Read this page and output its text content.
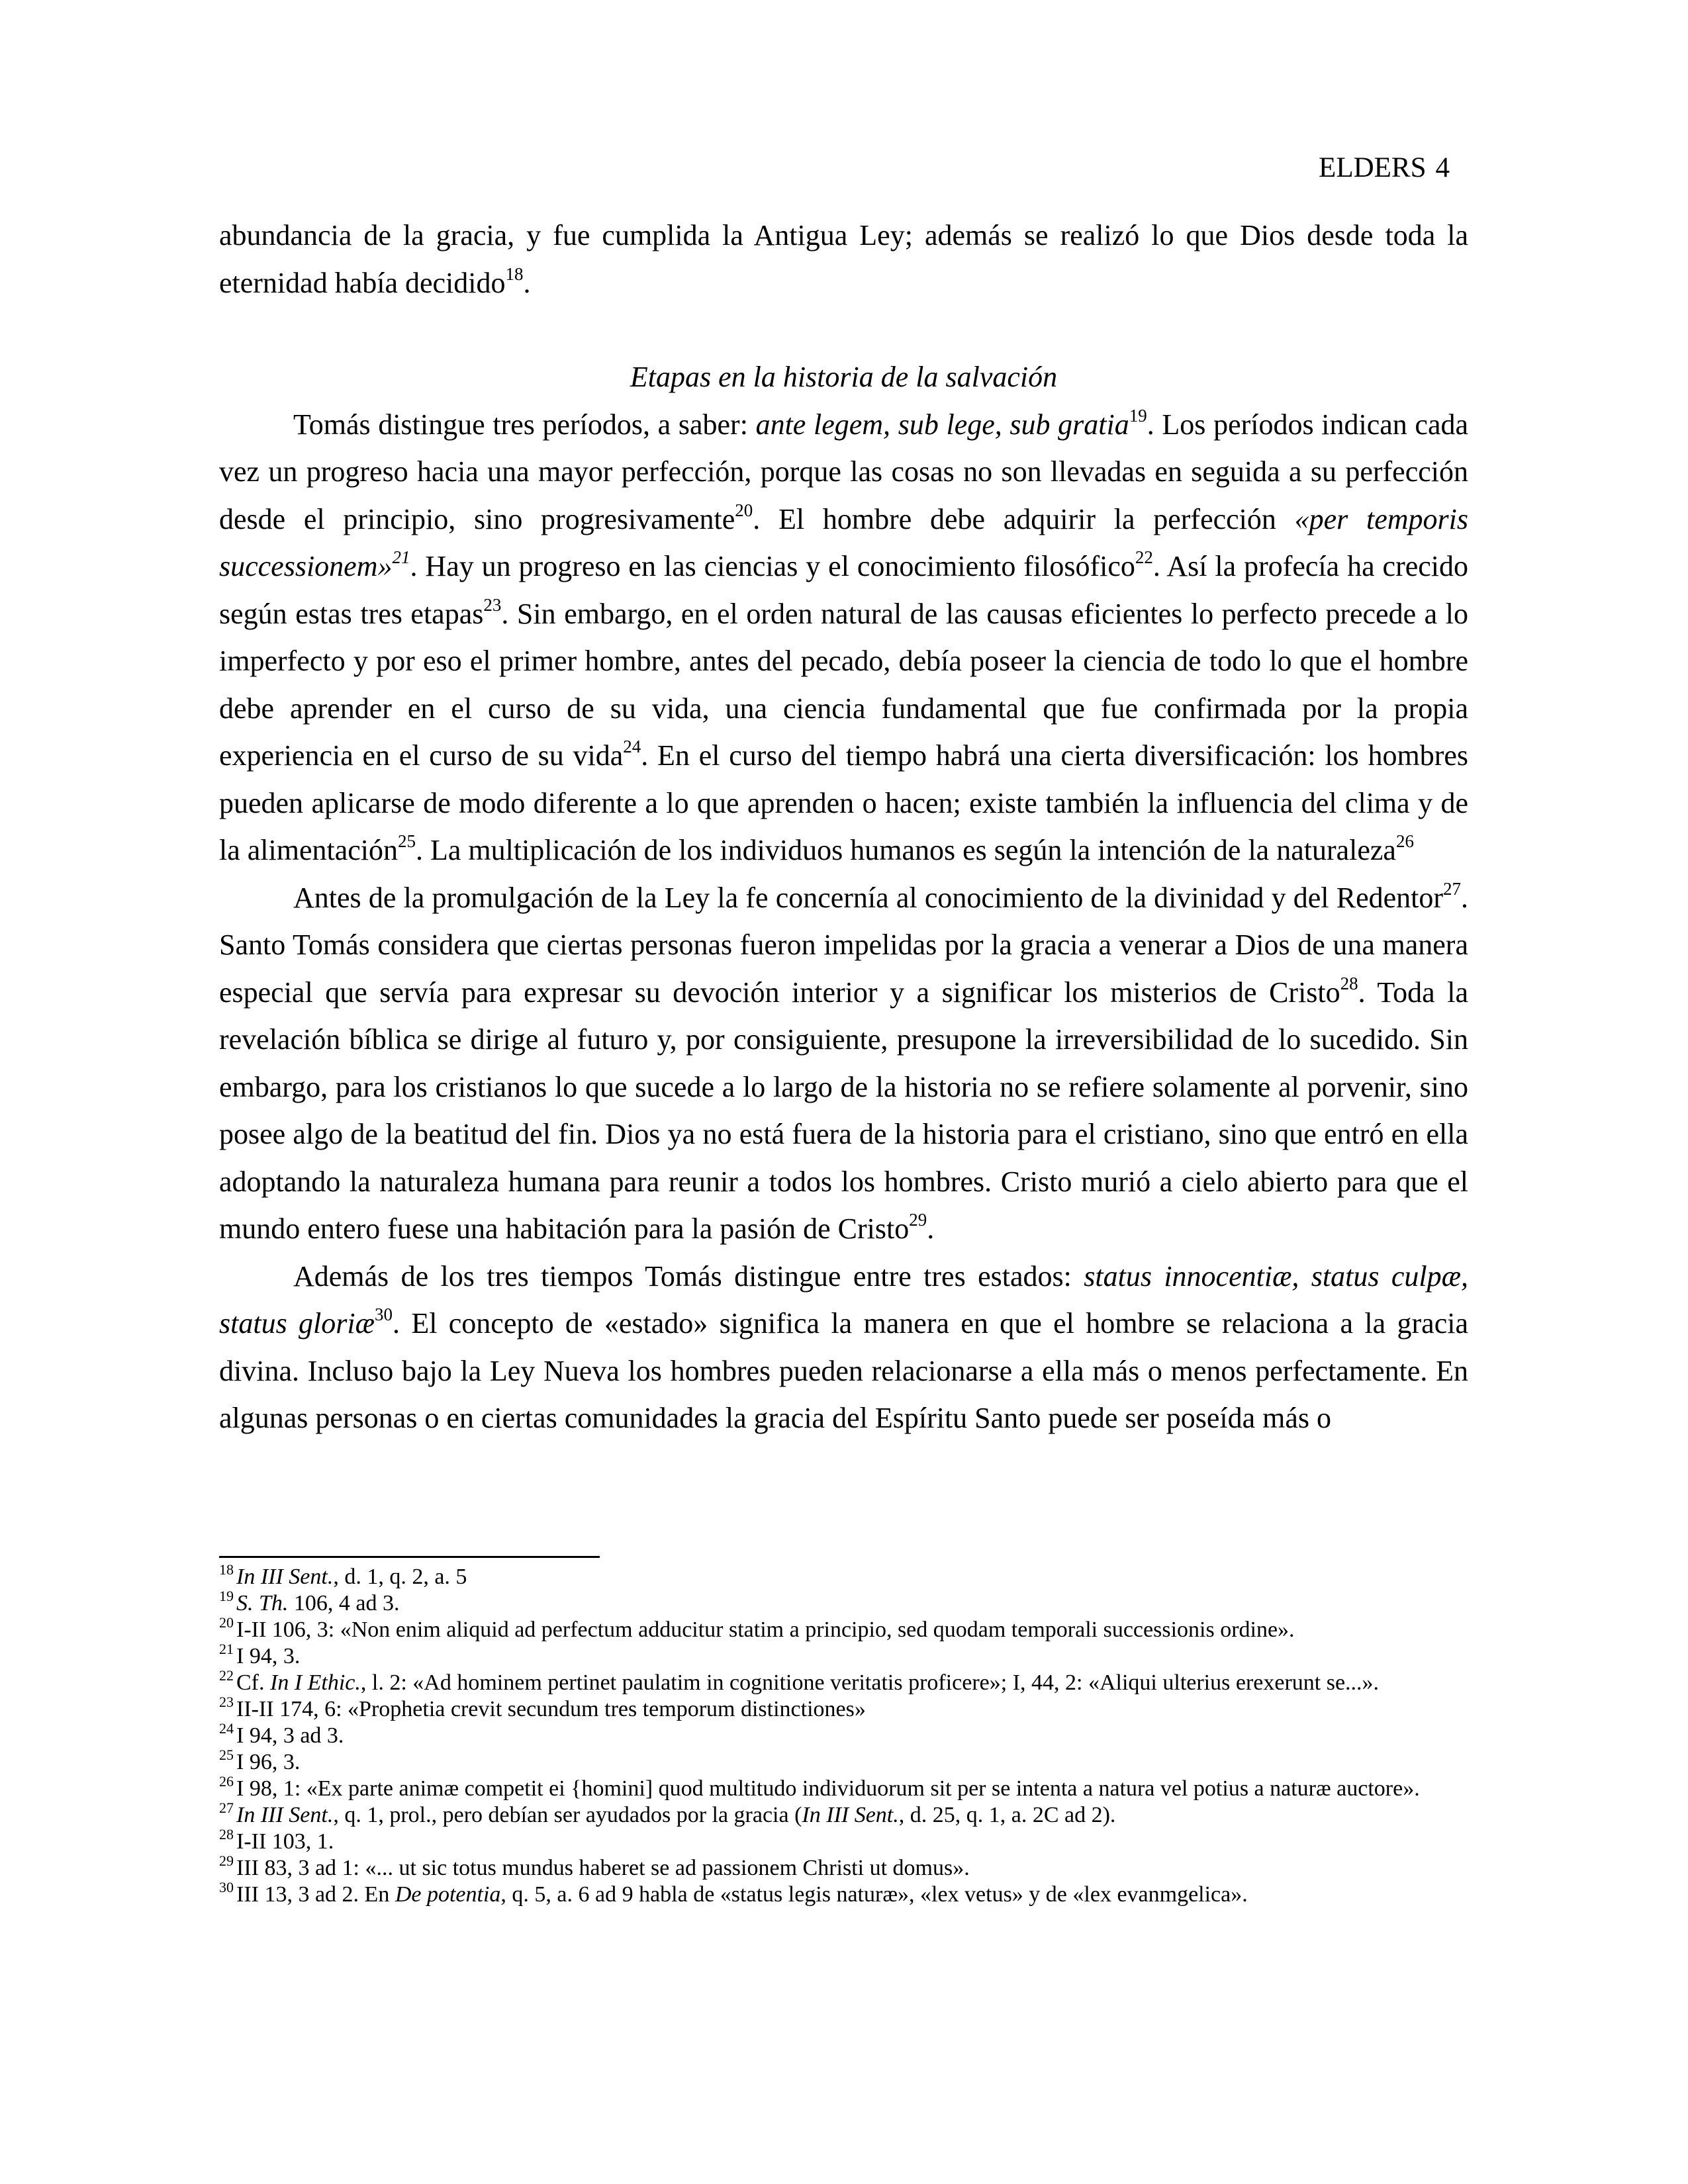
ELDERS 4

abundancia de la gracia, y fue cumplida la Antigua Ley; además se realizó lo que Dios desde toda la eternidad había decidido$^{18}$.

Etapas en la historia de la salvación

Tomás distingue tres períodos, a saber: ante legem, sub lege, sub gratia$^{19}$. Los períodos indican cada vez un progreso hacia una mayor perfección, porque las cosas no son llevadas en seguida a su perfección desde el principio, sino progresivamente$^{20}$. El hombre debe adquirir la perfección «per temporis successionem»$^{21}$. Hay un progreso en las ciencias y el conocimiento filosófico$^{22}$. Así la profecía ha crecido según estas tres etapas$^{23}$. Sin embargo, en el orden natural de las causas eficientes lo perfecto precede a lo imperfecto y por eso el primer hombre, antes del pecado, debía poseer la ciencia de todo lo que el hombre debe aprender en el curso de su vida, una ciencia fundamental que fue confirmada por la propia experiencia en el curso de su vida$^{24}$. En el curso del tiempo habrá una cierta diversificación: los hombres pueden aplicarse de modo diferente a lo que aprenden o hacen; existe también la influencia del clima y de la alimentación$^{25}$. La multiplicación de los individuos humanos es según la intención de la naturaleza$^{26}$

Antes de la promulgación de la Ley la fe concernía al conocimiento de la divinidad y del Redentor$^{27}$. Santo Tomás considera que ciertas personas fueron impelidas por la gracia a venerar a Dios de una manera especial que servía para expresar su devoción interior y a significar los misterios de Cristo$^{28}$. Toda la revelación bíblica se dirige al futuro y, por consiguiente, presupone la irreversibilidad de lo sucedido. Sin embargo, para los cristianos lo que sucede a lo largo de la historia no se refiere solamente al porvenir, sino posee algo de la beatitud del fin. Dios ya no está fuera de la historia para el cristiano, sino que entró en ella adoptando la naturaleza humana para reunir a todos los hombres. Cristo murió a cielo abierto para que el mundo entero fuese una habitación para la pasión de Cristo$^{29}$.

Además de los tres tiempos Tomás distingue entre tres estados: status innocentiæ, status culpæ, status gloriæ$^{30}$. El concepto de «estado» significa la manera en que el hombre se relaciona a la gracia divina. Incluso bajo la Ley Nueva los hombres pueden relacionarse a ella más o menos perfectamente. En algunas personas o en ciertas comunidades la gracia del Espíritu Santo puede ser poseída más o

$^{18}$ In III Sent., d. 1, q. 2, a. 5

$^{19}$ S. Th. 106, 4 ad 3.

$^{20}$ I-II 106, 3: «Non enim aliquid ad perfectum adducitur statim a principio, sed quodam temporali successionis ordine».

$^{21}$ I 94, 3.

$^{22}$ Cf. In I Ethic., l. 2: «Ad hominem pertinet paulatim in cognitione veritatis proficere»; I, 44, 2: «Aliqui ulterius erexerunt se...».

$^{23}$ II-II 174, 6: «Prophetia crevit secundum tres temporum distinctiones»

$^{24}$ I 94, 3 ad 3.

$^{25}$ I 96, 3.

$^{26}$ I 98, 1: «Ex parte animæ competit ei {homini] quod multitudo individuorum sit per se intenta a natura vel potius a naturæ auctore».

$^{27}$ In III Sent., q. 1, prol., pero debían ser ayudados por la gracia (In III Sent., d. 25, q. 1, a. 2C ad 2).

$^{28}$ I-II 103, 1.

$^{29}$ III 83, 3 ad 1: «... ut sic totus mundus haberet se ad passionem Christi ut domus».

$^{30}$ III 13, 3 ad 2. En De potentia, q. 5, a. 6 ad 9 habla de «status legis naturæ», «lex vetus» y de «lex evanmgelica».
